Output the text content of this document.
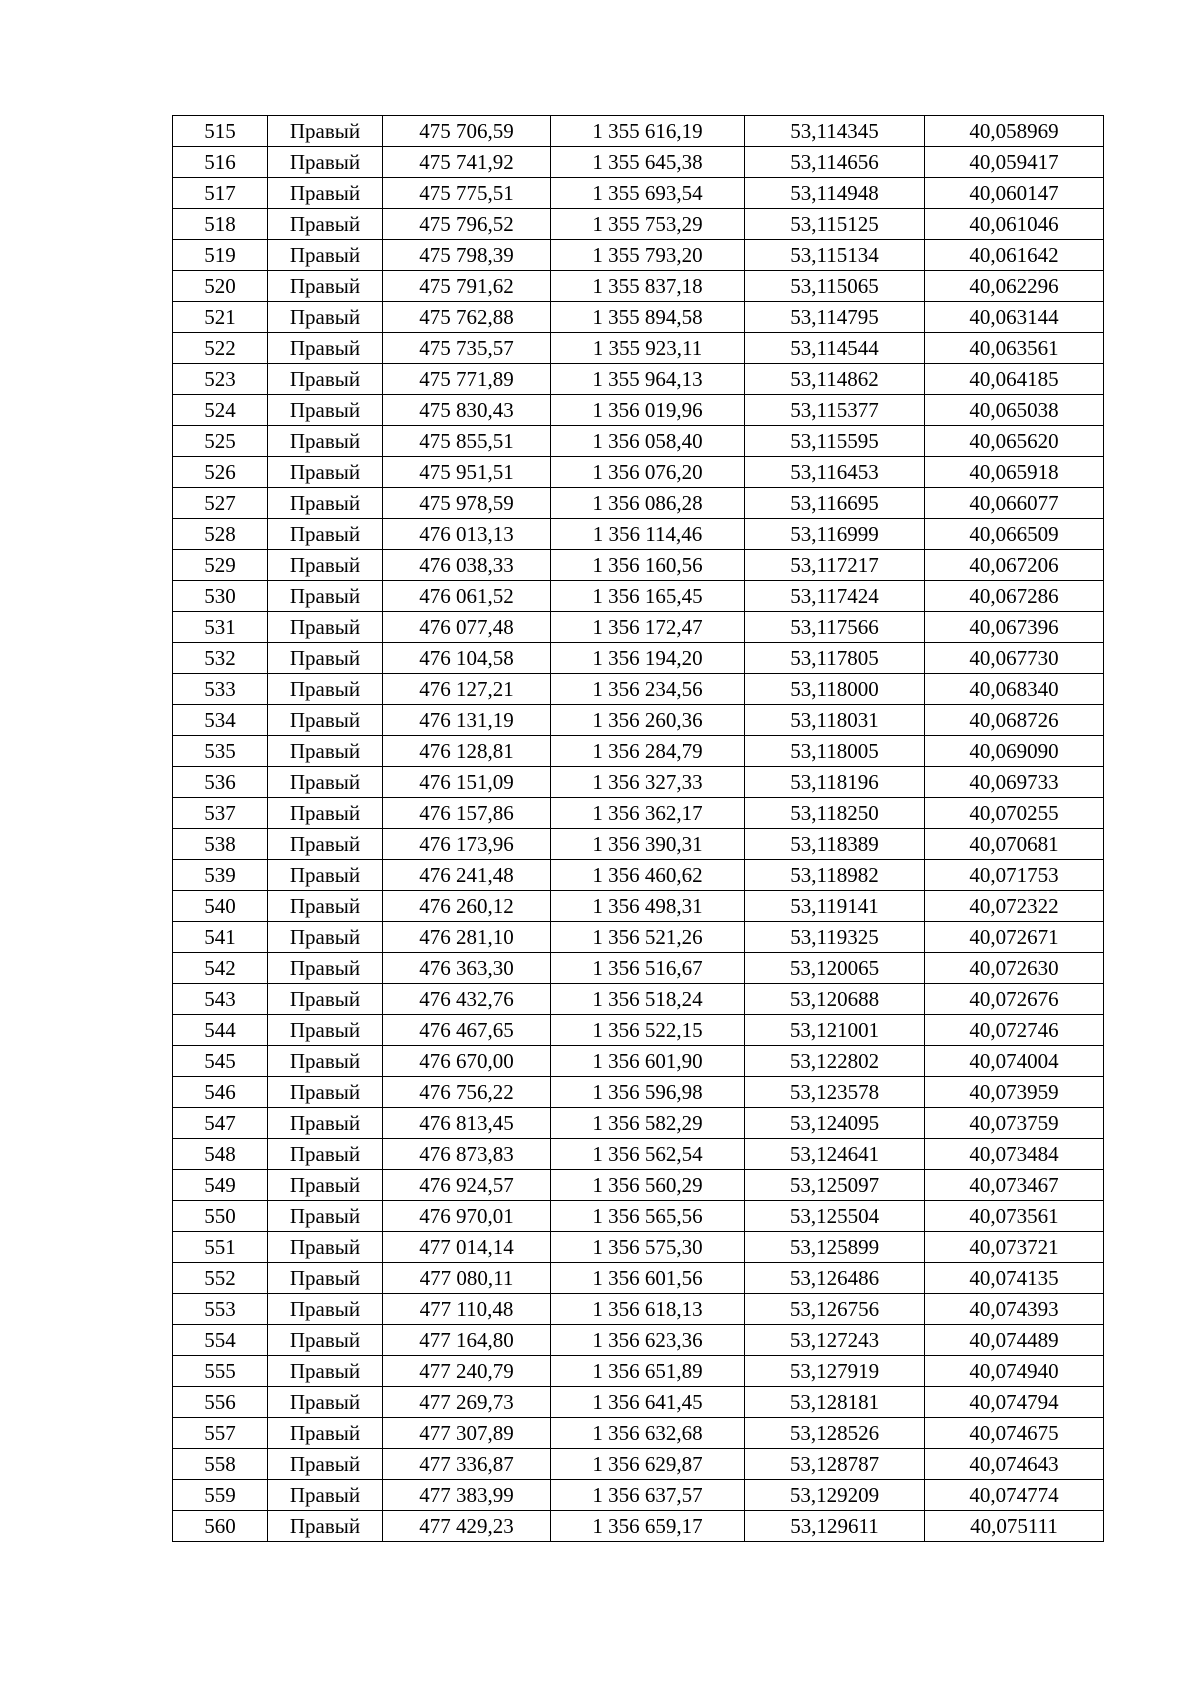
515	Правый	475 706,59	1 355 616,19	53,114345	40,058969
516	Правый	475 741,92	1 355 645,38	53,114656	40,059417
517	Правый	475 775,51	1 355 693,54	53,114948	40,060147
518	Правый	475 796,52	1 355 753,29	53,115125	40,061046
519	Правый	475 798,39	1 355 793,20	53,115134	40,061642
520	Правый	475 791,62	1 355 837,18	53,115065	40,062296
521	Правый	475 762,88	1 355 894,58	53,114795	40,063144
522	Правый	475 735,57	1 355 923,11	53,114544	40,063561
523	Правый	475 771,89	1 355 964,13	53,114862	40,064185
524	Правый	475 830,43	1 356 019,96	53,115377	40,065038
525	Правый	475 855,51	1 356 058,40	53,115595	40,065620
526	Правый	475 951,51	1 356 076,20	53,116453	40,065918
527	Правый	475 978,59	1 356 086,28	53,116695	40,066077
528	Правый	476 013,13	1 356 114,46	53,116999	40,066509
529	Правый	476 038,33	1 356 160,56	53,117217	40,067206
530	Правый	476 061,52	1 356 165,45	53,117424	40,067286
531	Правый	476 077,48	1 356 172,47	53,117566	40,067396
532	Правый	476 104,58	1 356 194,20	53,117805	40,067730
533	Правый	476 127,21	1 356 234,56	53,118000	40,068340
534	Правый	476 131,19	1 356 260,36	53,118031	40,068726
535	Правый	476 128,81	1 356 284,79	53,118005	40,069090
536	Правый	476 151,09	1 356 327,33	53,118196	40,069733
537	Правый	476 157,86	1 356 362,17	53,118250	40,070255
538	Правый	476 173,96	1 356 390,31	53,118389	40,070681
539	Правый	476 241,48	1 356 460,62	53,118982	40,071753
540	Правый	476 260,12	1 356 498,31	53,119141	40,072322
541	Правый	476 281,10	1 356 521,26	53,119325	40,072671
542	Правый	476 363,30	1 356 516,67	53,120065	40,072630
543	Правый	476 432,76	1 356 518,24	53,120688	40,072676
544	Правый	476 467,65	1 356 522,15	53,121001	40,072746
545	Правый	476 670,00	1 356 601,90	53,122802	40,074004
546	Правый	476 756,22	1 356 596,98	53,123578	40,073959
547	Правый	476 813,45	1 356 582,29	53,124095	40,073759
548	Правый	476 873,83	1 356 562,54	53,124641	40,073484
549	Правый	476 924,57	1 356 560,29	53,125097	40,073467
550	Правый	476 970,01	1 356 565,56	53,125504	40,073561
551	Правый	477 014,14	1 356 575,30	53,125899	40,073721
552	Правый	477 080,11	1 356 601,56	53,126486	40,074135
553	Правый	477 110,48	1 356 618,13	53,126756	40,074393
554	Правый	477 164,80	1 356 623,36	53,127243	40,074489
555	Правый	477 240,79	1 356 651,89	53,127919	40,074940
556	Правый	477 269,73	1 356 641,45	53,128181	40,074794
557	Правый	477 307,89	1 356 632,68	53,128526	40,074675
558	Правый	477 336,87	1 356 629,87	53,128787	40,074643
559	Правый	477 383,99	1 356 637,57	53,129209	40,074774
560	Правый	477 429,23	1 356 659,17	53,129611	40,075111
